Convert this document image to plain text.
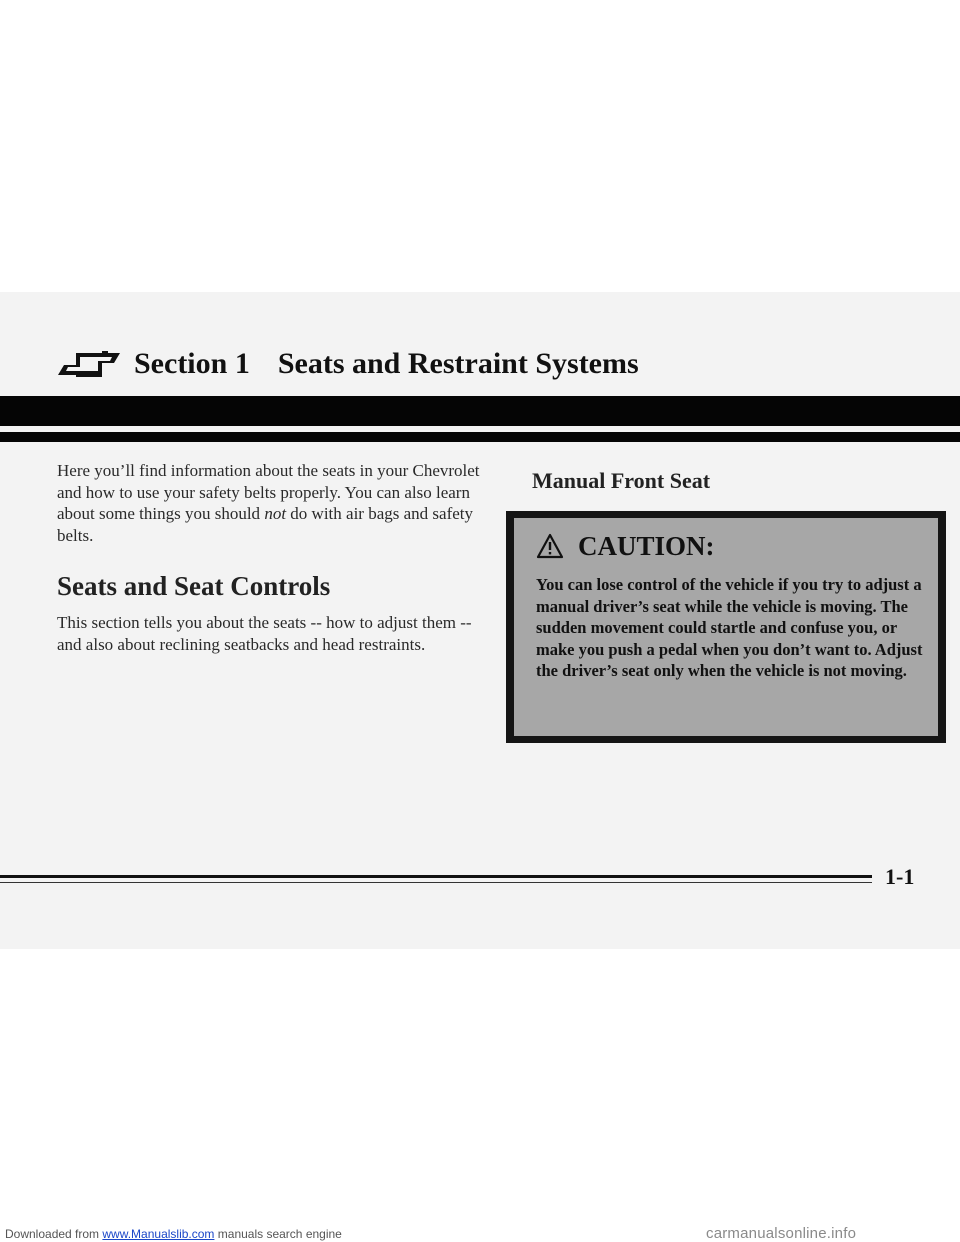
Section 1 Seats and Restraint Systems

Here you’ll find information about the seats in your Chevrolet and how to use your safety belts properly. You can also learn about some things you should not do with air bags and safety belts.

Seats and Seat Controls

This section tells you about the seats -- how to adjust them -- and also about reclining seatbacks and head restraints.

Manual Front Seat
CAUTION:

You can lose control of the vehicle if you try to adjust a manual driver’s seat while the vehicle is moving. The sudden movement could startle and confuse you, or make you push a pedal when you don’t want to. Adjust the driver’s seat only when the vehicle is not moving.

1-1
Downloaded from www.Manualslib.com manuals search engine	carmanualsonline.info
